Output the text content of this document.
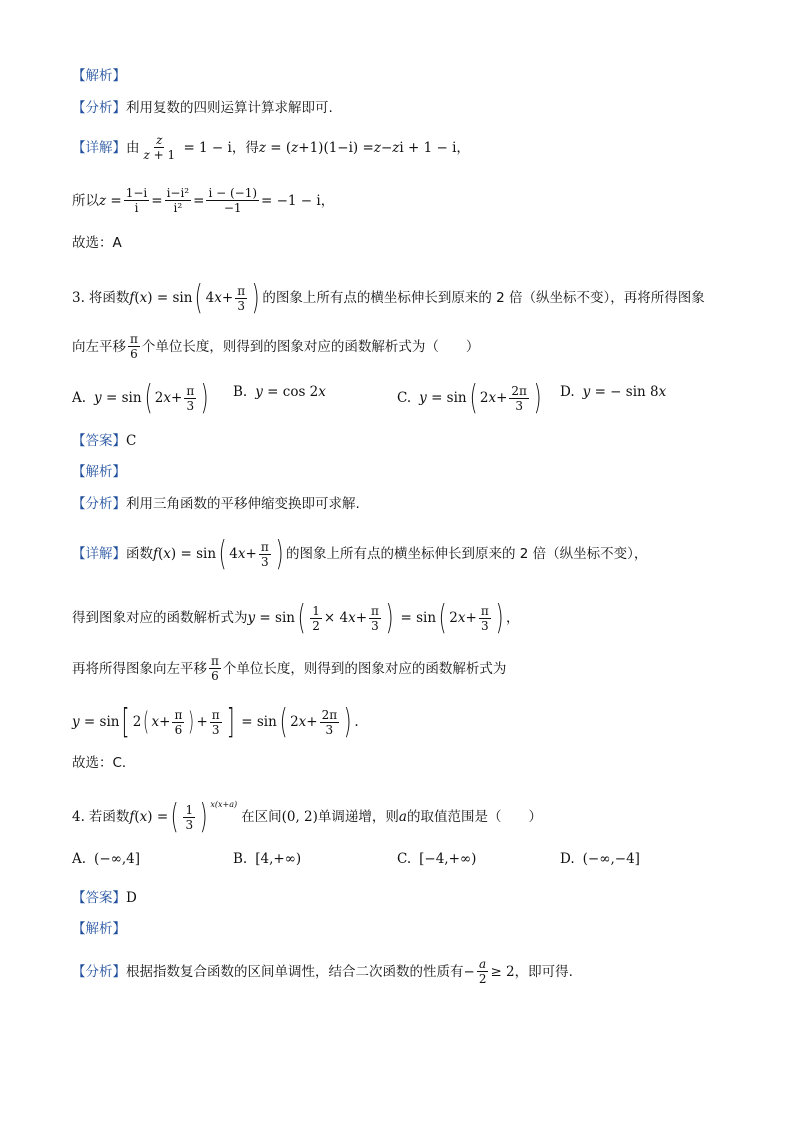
【解析】
【分析】 利用复数的四则运算计算求解即可.
【详解】 由 $\frac{z}{z + 1} = 1 - i$ ，得 z = ( z +1)(1−i) = z − z i + 1 − i ，
所以 $z = \frac{1-i}{i} = \frac{\text{i−i²}}{\text{i²}} = \frac{i - (-1)}{-1} = -1 - i$ ，
故选：A
3. 将函数 f ( x ) = sin ( 4 $x + \frac{\pi}{3}$ ) 的图象上所有点的横坐标伸长到原来的 2 倍（纵坐标不变），再将所得图象
向左平移 $\frac{\pi}{6}$ 个单位长度，则得到的图象对应的函数解析式为（　　）
A. y = sin ( 2 $x + \frac{\pi}{3}$ ) B. y = cos 2 x	C. y = sin ( 2 $x + \frac{2\pi}{3}$ ) D. y = − sin 8 x
【答案】 C
【解析】
【分析】 利用三角函数的平移伸缩变换即可求解.
【详解】 函数 f ( x ) = sin ( 4 $x + \frac{\pi}{3}$ ) 的图象上所有点的横坐标伸长到原来的 2 倍（纵坐标不变），
得到图象对应的函数解析式为 y = sin ( $\frac{1}{2} \times 4$ $x + \frac{\pi}{3}$ ) = sin ( 2 $x + \frac{\pi}{3}$ ) ，
再将所得图象向左平移 $\frac{\pi}{6}$ 个单位长度，则得到的图象对应的函数解析式为
y = sin [ 2 ( $x + \frac{\pi}{6}$ ) + $\frac{\pi}{3}$ ] = sin ( 2 $x + \frac{2\pi}{3}$ ) .
故选：C．
4. 若函数 f ( x ) = ( $\frac{1}{3}$ ) x(x+a)
在区间 (0, 2) 单调递增，则 a 的取值范围是（　　）
A. (−∞,4]	B. [4,+∞)	C. [−4,+∞)	D. (−∞,−4]
【答案】 D
【解析】
【分析】 根据指数复合函数的区间单调性，结合二次函数的性质有 − $\frac{a}{2} \ge 2$ ，即可得.
